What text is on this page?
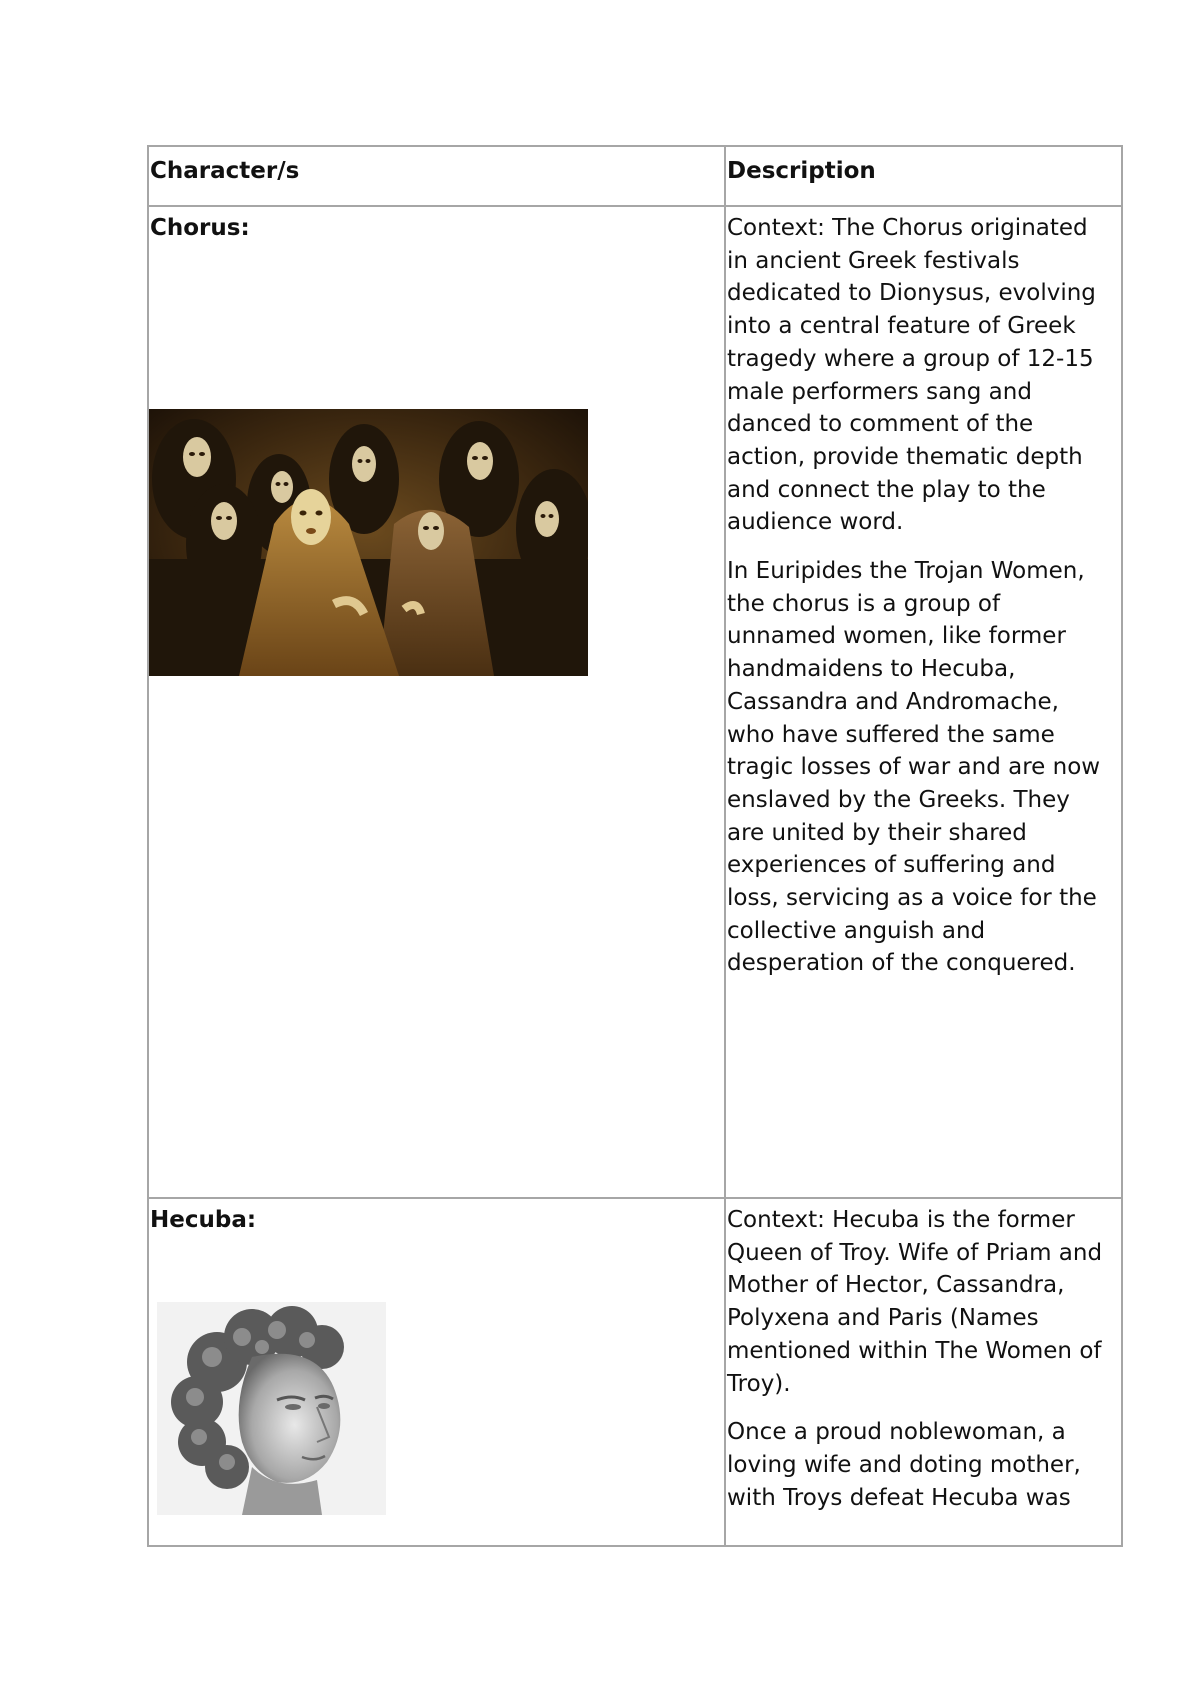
Character/s	Description
Chorus:	Context: The Chorus originated
in ancient Greek festivals
dedicated to Dionysus, evolving
into a central feature of Greek
tragedy where a group of 12-15
male performers sang and
danced to comment of the
action, provide thematic depth
and connect the play to the
audience word.
In Euripides the Trojan Women,
the chorus is a group of
unnamed women, like former
handmaidens to Hecuba,
Cassandra and Andromache,
who have suffered the same
tragic losses of war and are now
enslaved by the Greeks. They
are united by their shared
experiences of suffering and
loss, servicing as a voice for the
collective anguish and
desperation of the conquered.
Hecuba:	Context: Hecuba is the former
Queen of Troy. Wife of Priam and
Mother of Hector, Cassandra,
Polyxena and Paris (Names
mentioned within The Women of
Troy).
Once a proud noblewoman, a
loving wife and doting mother,
with Troys defeat Hecuba was
